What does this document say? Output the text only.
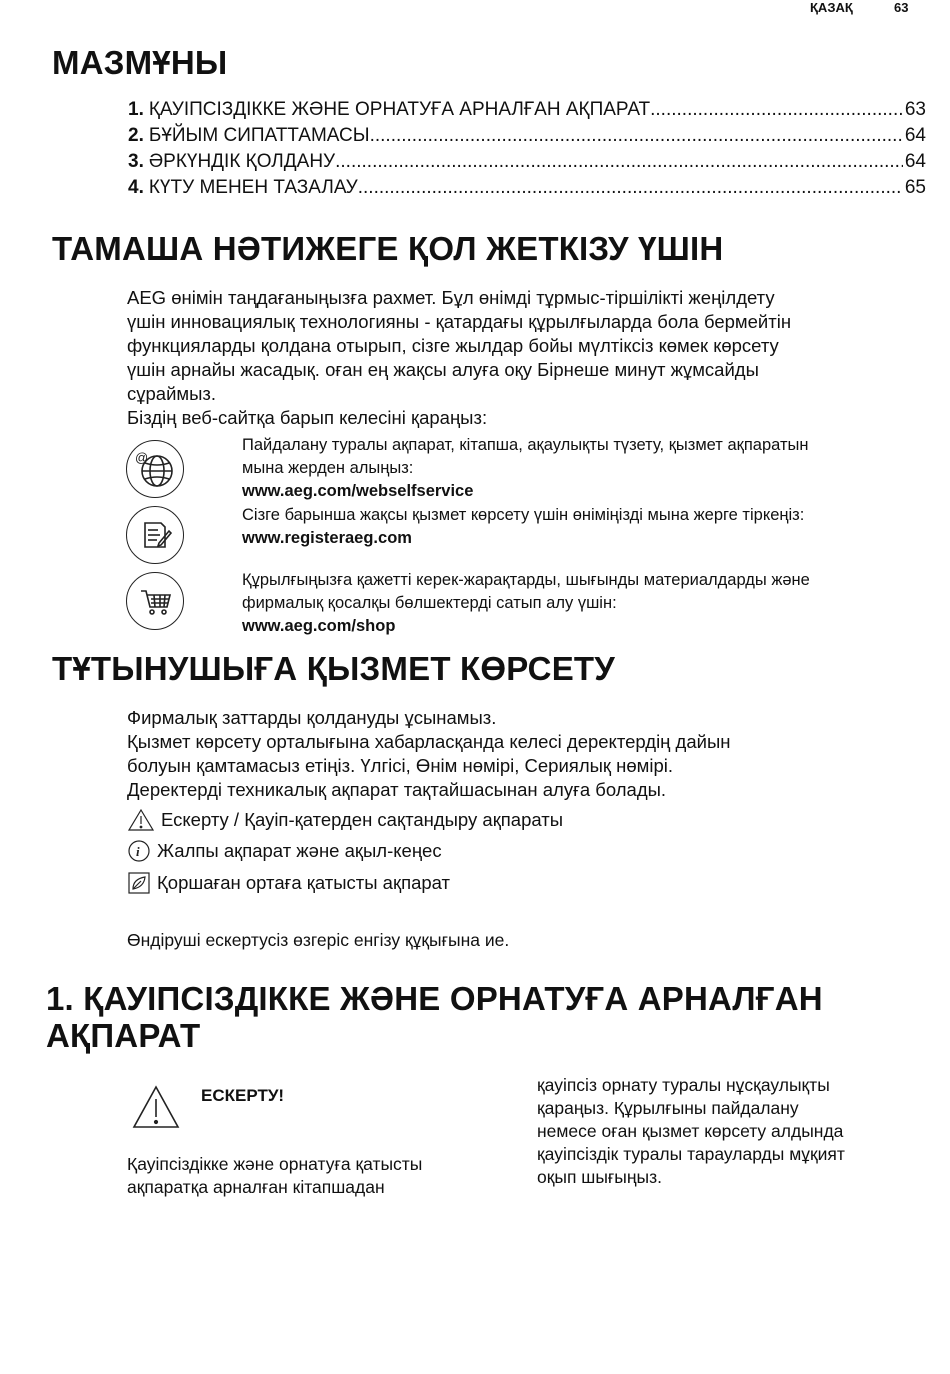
ҚАЗАҚ	63
МАЗМҰНЫ
1. ҚАУІПСІЗДІККЕ ЖӘНЕ ОРНАТУҒА АРНАЛҒАН АҚПАРАТ .....	63
2. БҰЙЫМ СИПАТТАМАСЫ .....	64
3. ӘРКҮНДІК ҚОЛДАНУ .....	64
4. КҮТУ МЕНЕН ТАЗАЛАУ .....	65
ТАМАША НӘТИЖЕГЕ ҚОЛ ЖЕТКІЗУ ҮШІН
AEG өнімін таңдағаныңызға рахмет. Бұл өнімді тұрмыс-тіршілікті жеңілдету
үшін инновациялық технологияны - қатардағы құрылғыларда бола бермейтін
функцияларды қолдана отырып, сізге жылдар бойы мүлтіксіз көмек көрсету
үшін арнайы жасадық. оған ең жақсы алуға оқу Бірнеше минут жұмсайды
сұраймыз.
Біздің веб-сайтқа барып келесіні қараңыз:
@
Пайдалану туралы ақпарат, кітапша, ақаулықты түзету, қызмет ақпаратын
мына жерден алыңыз:
www.aeg.com/webselfservice
Сізге барынша жақсы қызмет көрсету үшін өніміңізді мына жерге тіркеңіз:
www.registeraeg.com
Құрылғыңызға қажетті керек-жарақтарды, шығынды материалдарды және
фирмалық қосалқы бөлшектерді сатып алу үшін:
www.aeg.com/shop
ТҰТЫНУШЫҒА ҚЫЗМЕТ КӨРСЕТУ
Фирмалық заттарды қолдануды ұсынамыз.
Қызмет көрсету орталығына хабарласқанда келесі деректердің дайын
болуын қамтамасыз етіңіз. Үлгісі, Өнім нөмірі, Сериялық нөмірі.
Деректерді техникалық ақпарат тақтайшасынан алуға болады.
Ескерту / Қауіп-қатерден сақтандыру ақпараты
i Жалпы ақпарат және ақыл-кеңес
Қоршаған ортаға қатысты ақпарат
Өндіруші ескертусіз өзгеріс енгізу құқығына ие.
1. ҚАУІПСІЗДІККЕ ЖӘНЕ ОРНАТУҒА АРНАЛҒАН
АҚПАРАТ
ЕСКЕРТУ!
Қауіпсіздікке және орнатуға қатысты
ақпаратқа арналған кітапшадан
қауіпсіз орнату туралы нұсқаулықты
қараңыз. Құрылғыны пайдалану
немесе оған қызмет көрсету алдында
қауіпсіздік туралы тарауларды мұқият
оқып шығыңыз.
